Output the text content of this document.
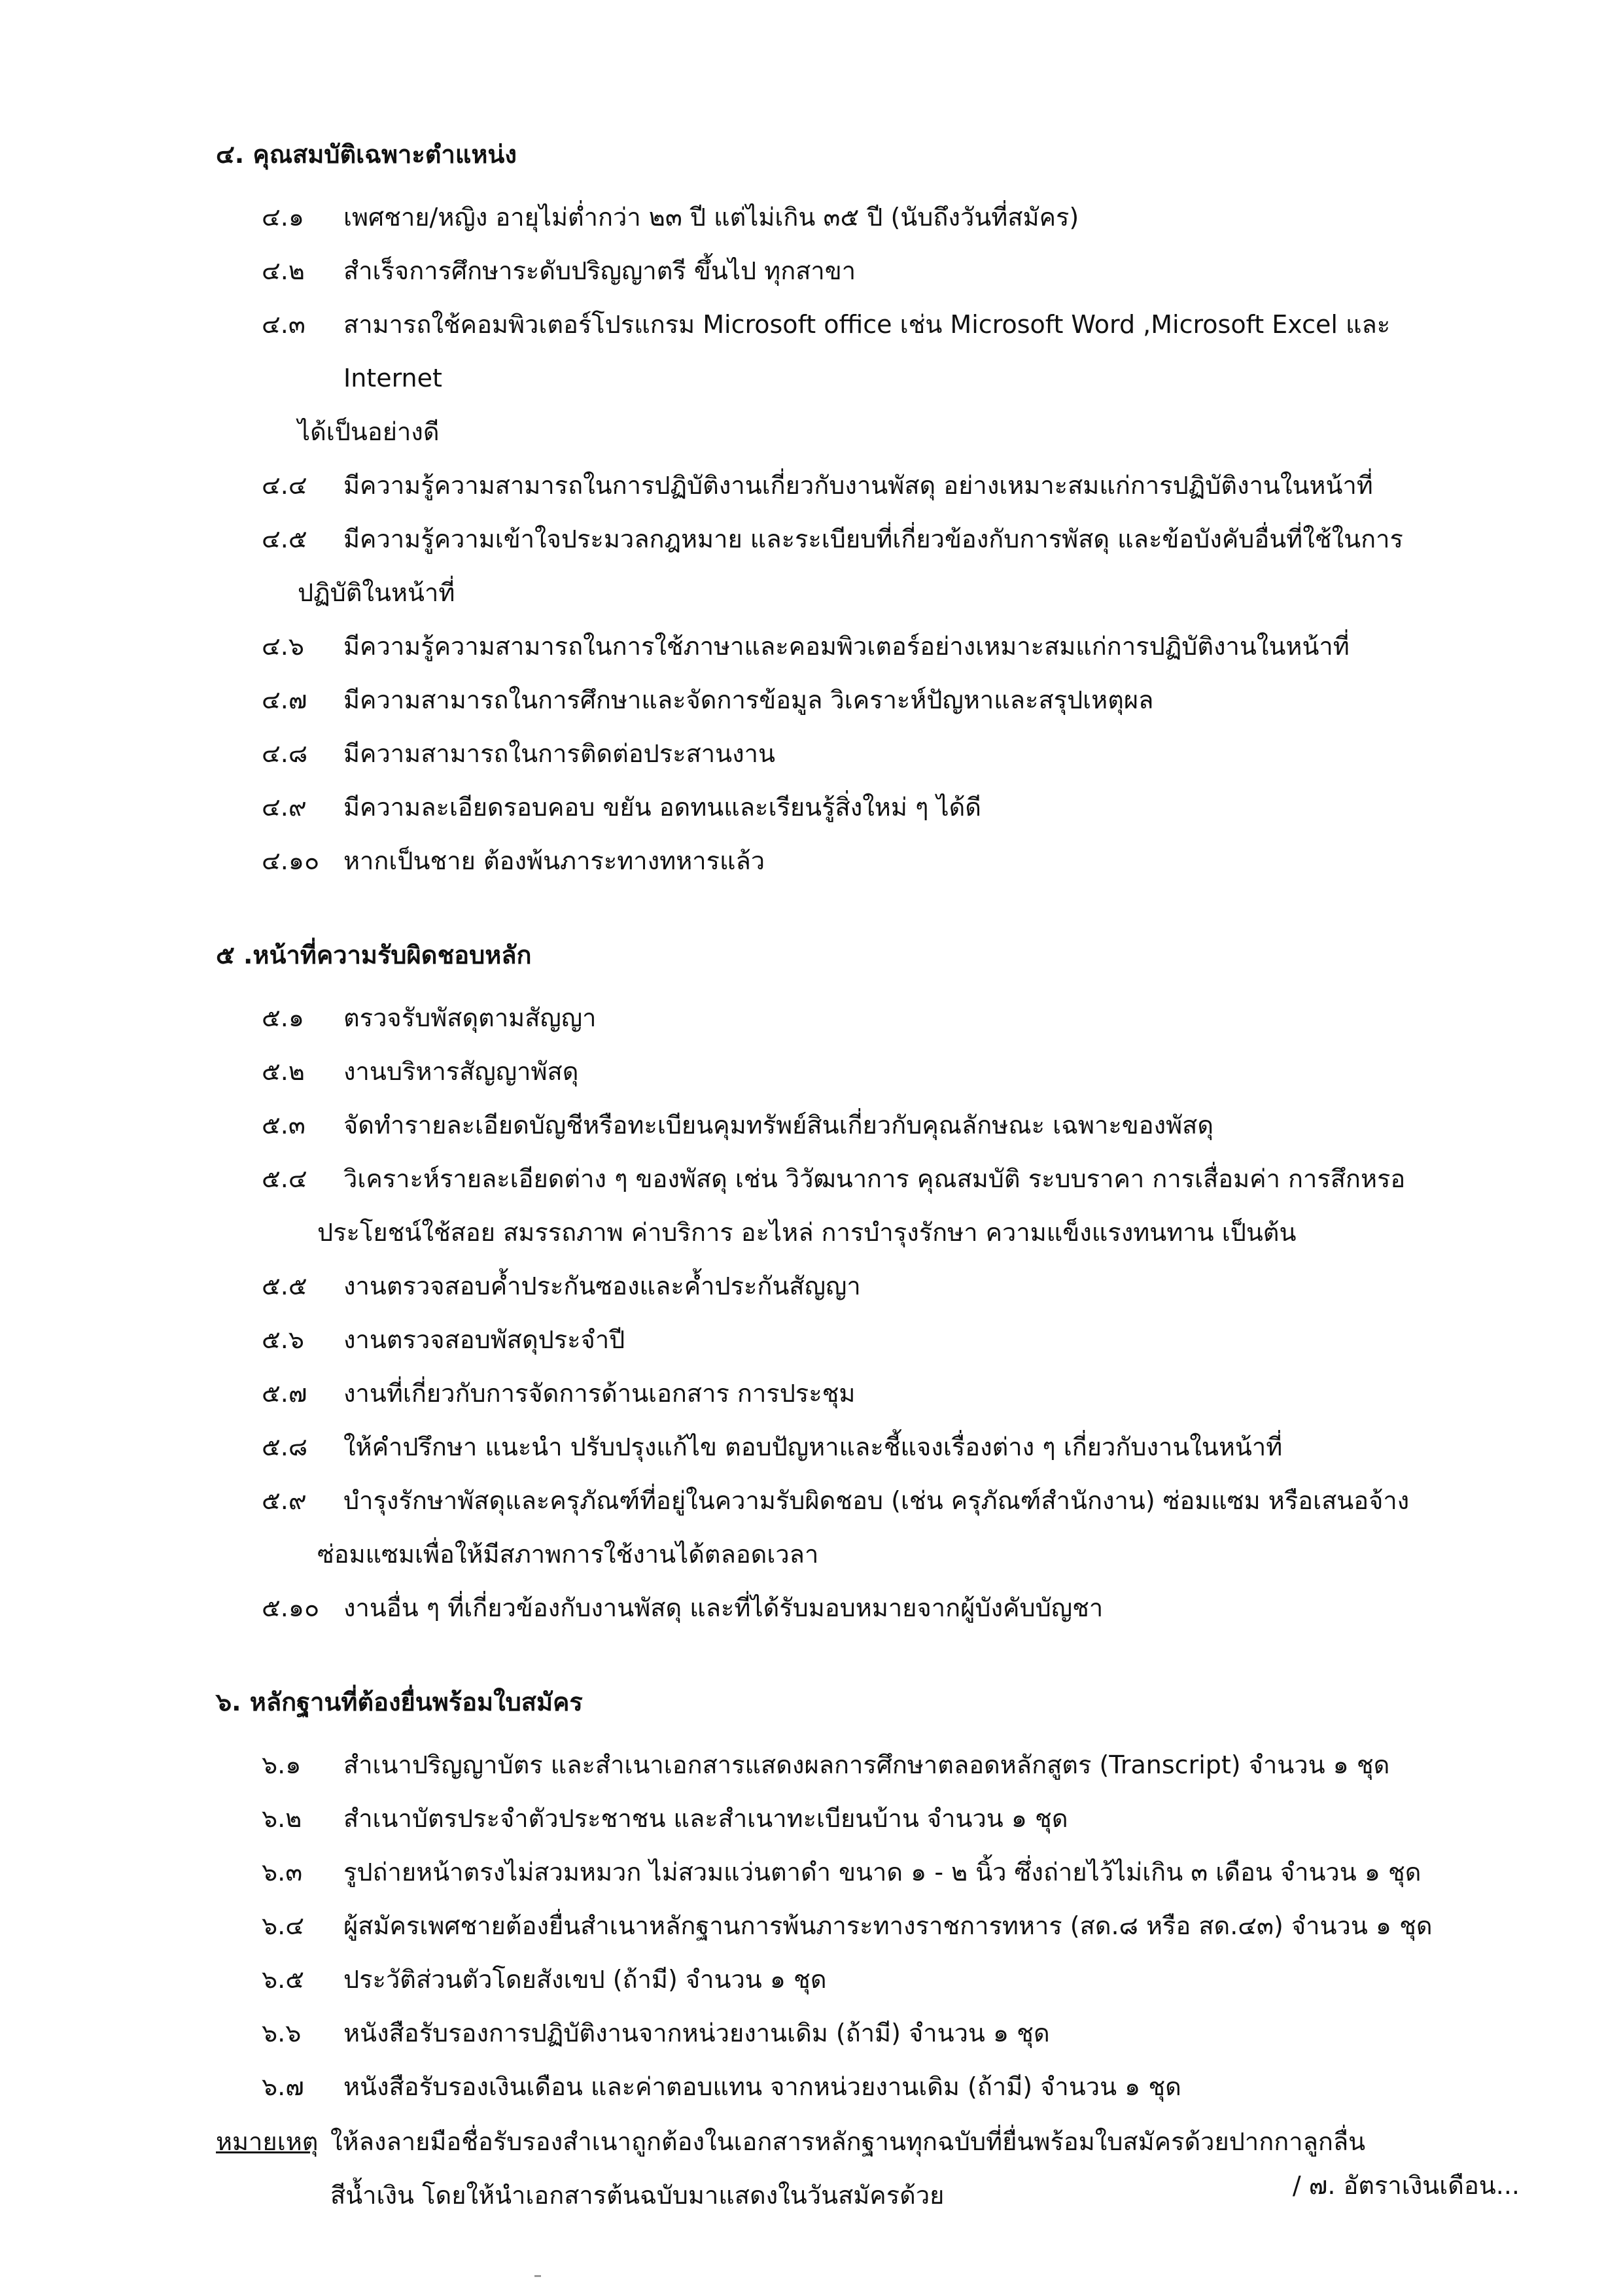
๔. คุณสมบัติเฉพาะตำแหน่ง
๔.๑	เพศชาย/หญิง อายุไม่ต่ำกว่า ๒๓ ปี แต่ไม่เกิน ๓๕ ปี (นับถึงวันที่สมัคร)
๔.๒	สำเร็จการศึกษาระดับปริญญาตรี ขึ้นไป ทุกสาขา
๔.๓	สามารถใช้คอมพิวเตอร์โปรแกรม Microsoft office เช่น Microsoft Word ,Microsoft Excel และ Internet
ได้เป็นอย่างดี
๔.๔	มีความรู้ความสามารถในการปฏิบัติงานเกี่ยวกับงานพัสดุ อย่างเหมาะสมแก่การปฏิบัติงานในหน้าที่
๔.๕	มีความรู้ความเข้าใจประมวลกฎหมาย และระเบียบที่เกี่ยวข้องกับการพัสดุ และข้อบังคับอื่นที่ใช้ในการ
ปฏิบัติในหน้าที่
๔.๖	มีความรู้ความสามารถในการใช้ภาษาและคอมพิวเตอร์อย่างเหมาะสมแก่การปฏิบัติงานในหน้าที่
๔.๗	มีความสามารถในการศึกษาและจัดการข้อมูล วิเคราะห์ปัญหาและสรุปเหตุผล
๔.๘	มีความสามารถในการติดต่อประสานงาน
๔.๙	มีความละเอียดรอบคอบ ขยัน อดทนและเรียนรู้สิ่งใหม่ ๆ ได้ดี
๔.๑๐ หากเป็นชาย ต้องพ้นภาระทางทหารแล้ว
๕ .หน้าที่ความรับผิดชอบหลัก
๕.๑	ตรวจรับพัสดุตามสัญญา
๕.๒	งานบริหารสัญญาพัสดุ
๕.๓	จัดทำรายละเอียดบัญชีหรือทะเบียนคุมทรัพย์สินเกี่ยวกับคุณลักษณะ เฉพาะของพัสดุ
๕.๔	วิเคราะห์รายละเอียดต่าง ๆ ของพัสดุ เช่น วิวัฒนาการ คุณสมบัติ ระบบราคา การเสื่อมค่า การสึกหรอ
ประโยชน์ใช้สอย สมรรถภาพ ค่าบริการ อะไหล่ การบำรุงรักษา ความแข็งแรงทนทาน เป็นต้น
๕.๕	งานตรวจสอบค้ำประกันซองและค้ำประกันสัญญา
๕.๖	งานตรวจสอบพัสดุประจำปี
๕.๗	งานที่เกี่ยวกับการจัดการด้านเอกสาร การประชุม
๕.๘	ให้คำปรึกษา แนะนำ ปรับปรุงแก้ไข ตอบปัญหาและชี้แจงเรื่องต่าง ๆ เกี่ยวกับงานในหน้าที่
๕.๙	บำรุงรักษาพัสดุและครุภัณฑ์ที่อยู่ในความรับผิดชอบ (เช่น ครุภัณฑ์สำนักงาน) ซ่อมแซม หรือเสนอจ้าง
ซ่อมแซมเพื่อให้มีสภาพการใช้งานได้ตลอดเวลา
๕.๑๐ งานอื่น ๆ ที่เกี่ยวข้องกับงานพัสดุ และที่ได้รับมอบหมายจากผู้บังคับบัญชา
๖. หลักฐานที่ต้องยื่นพร้อมใบสมัคร
๖.๑	สำเนาปริญญาบัตร และสำเนาเอกสารแสดงผลการศึกษาตลอดหลักสูตร (Transcript) จำนวน ๑ ชุด
๖.๒	สำเนาบัตรประจำตัวประชาชน และสำเนาทะเบียนบ้าน จำนวน ๑ ชุด
๖.๓	รูปถ่ายหน้าตรงไม่สวมหมวก ไม่สวมแว่นตาดำ ขนาด ๑ - ๒ นิ้ว ซึ่งถ่ายไว้ไม่เกิน ๓ เดือน จำนวน ๑ ชุด
๖.๔	ผู้สมัครเพศชายต้องยื่นสำเนาหลักฐานการพ้นภาระทางราชการทหาร (สด.๘ หรือ สด.๔๓) จำนวน ๑ ชุด
๖.๕	ประวัติส่วนตัวโดยสังเขป (ถ้ามี) จำนวน ๑ ชุด
๖.๖	หนังสือรับรองการปฏิบัติงานจากหน่วยงานเดิม (ถ้ามี) จำนวน ๑ ชุด
๖.๗	หนังสือรับรองเงินเดือน และค่าตอบแทน จากหน่วยงานเดิม (ถ้ามี) จำนวน ๑ ชุด
หมายเหตุ ให้ลงลายมือชื่อรับรองสำเนาถูกต้องในเอกสารหลักฐานทุกฉบับที่ยื่นพร้อมใบสมัครด้วยปากกาลูกลื่น
สีน้ำเงิน โดยให้นำเอกสารต้นฉบับมาแสดงในวันสมัครด้วย	/ ๗. อัตราเงินเดือน...
